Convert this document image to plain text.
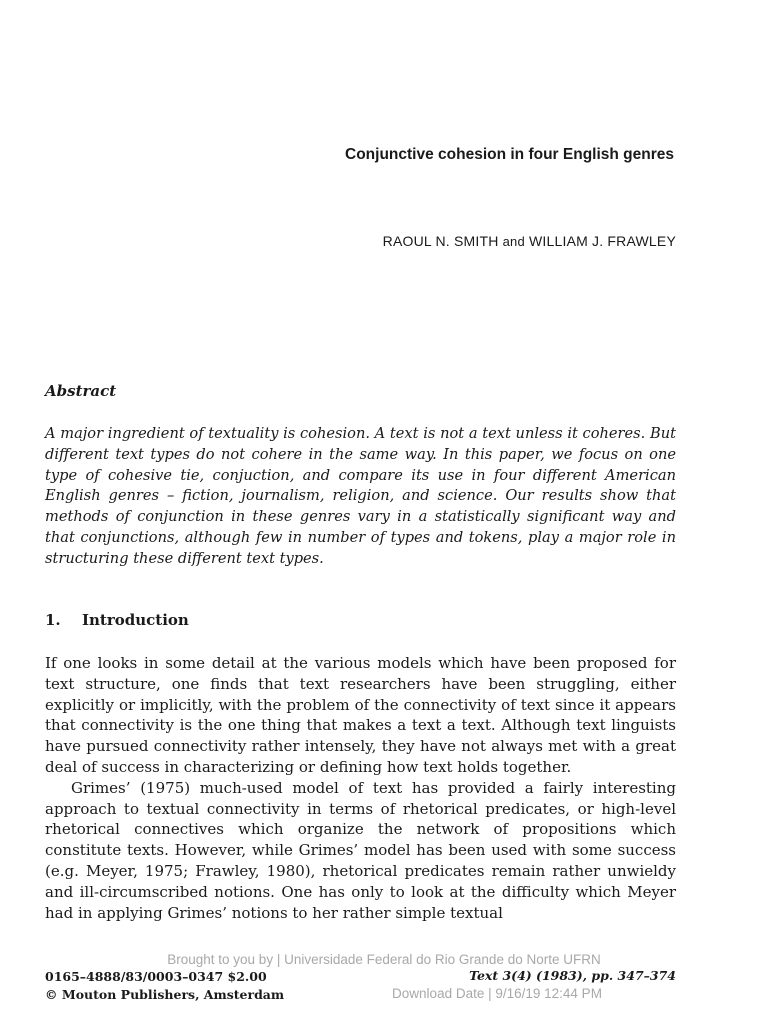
Conjunctive cohesion in four English genres

RAOUL N. SMITH and WILLIAM J. FRAWLEY

Abstract

A major ingredient of textuality is cohesion. A text is not a text unless it coheres. But different text types do not cohere in the same way. In this paper, we focus on one type of cohesive tie, conjuction, and compare its use in four different American English genres – fiction, journalism, religion, and science. Our results show that methods of conjunction in these genres vary in a statistically significant way and that conjunctions, although few in number of types and tokens, play a major role in structuring these different text types.

1. Introduction

If one looks in some detail at the various models which have been proposed for text structure, one finds that text researchers have been struggling, either explicitly or implicitly, with the problem of the connectivity of text since it appears that connectivity is the one thing that makes a text a text. Although text linguists have pursued connectivity rather intensely, they have not always met with a great deal of success in characterizing or defining how text holds together.

Grimes’ (1975) much-used model of text has provided a fairly interesting approach to textual connectivity in terms of rhetorical predicates, or high-level rhetorical connectives which organize the network of propositions which constitute texts. However, while Grimes’ model has been used with some success (e.g. Meyer, 1975; Frawley, 1980), rhetorical predicates remain rather unwieldy and ill-circumscribed notions. One has only to look at the difficulty which Meyer had in applying Grimes’ notions to her rather simple textual

Brought to you by | Universidade Federal do Rio Grande do Norte UFRN
0165–4888/83/0003–0347 $2.00
© Mouton Publishers, Amsterdam
Text 3(4) (1983), pp. 347–374
Download Date | 9/16/19 12:44 PM
